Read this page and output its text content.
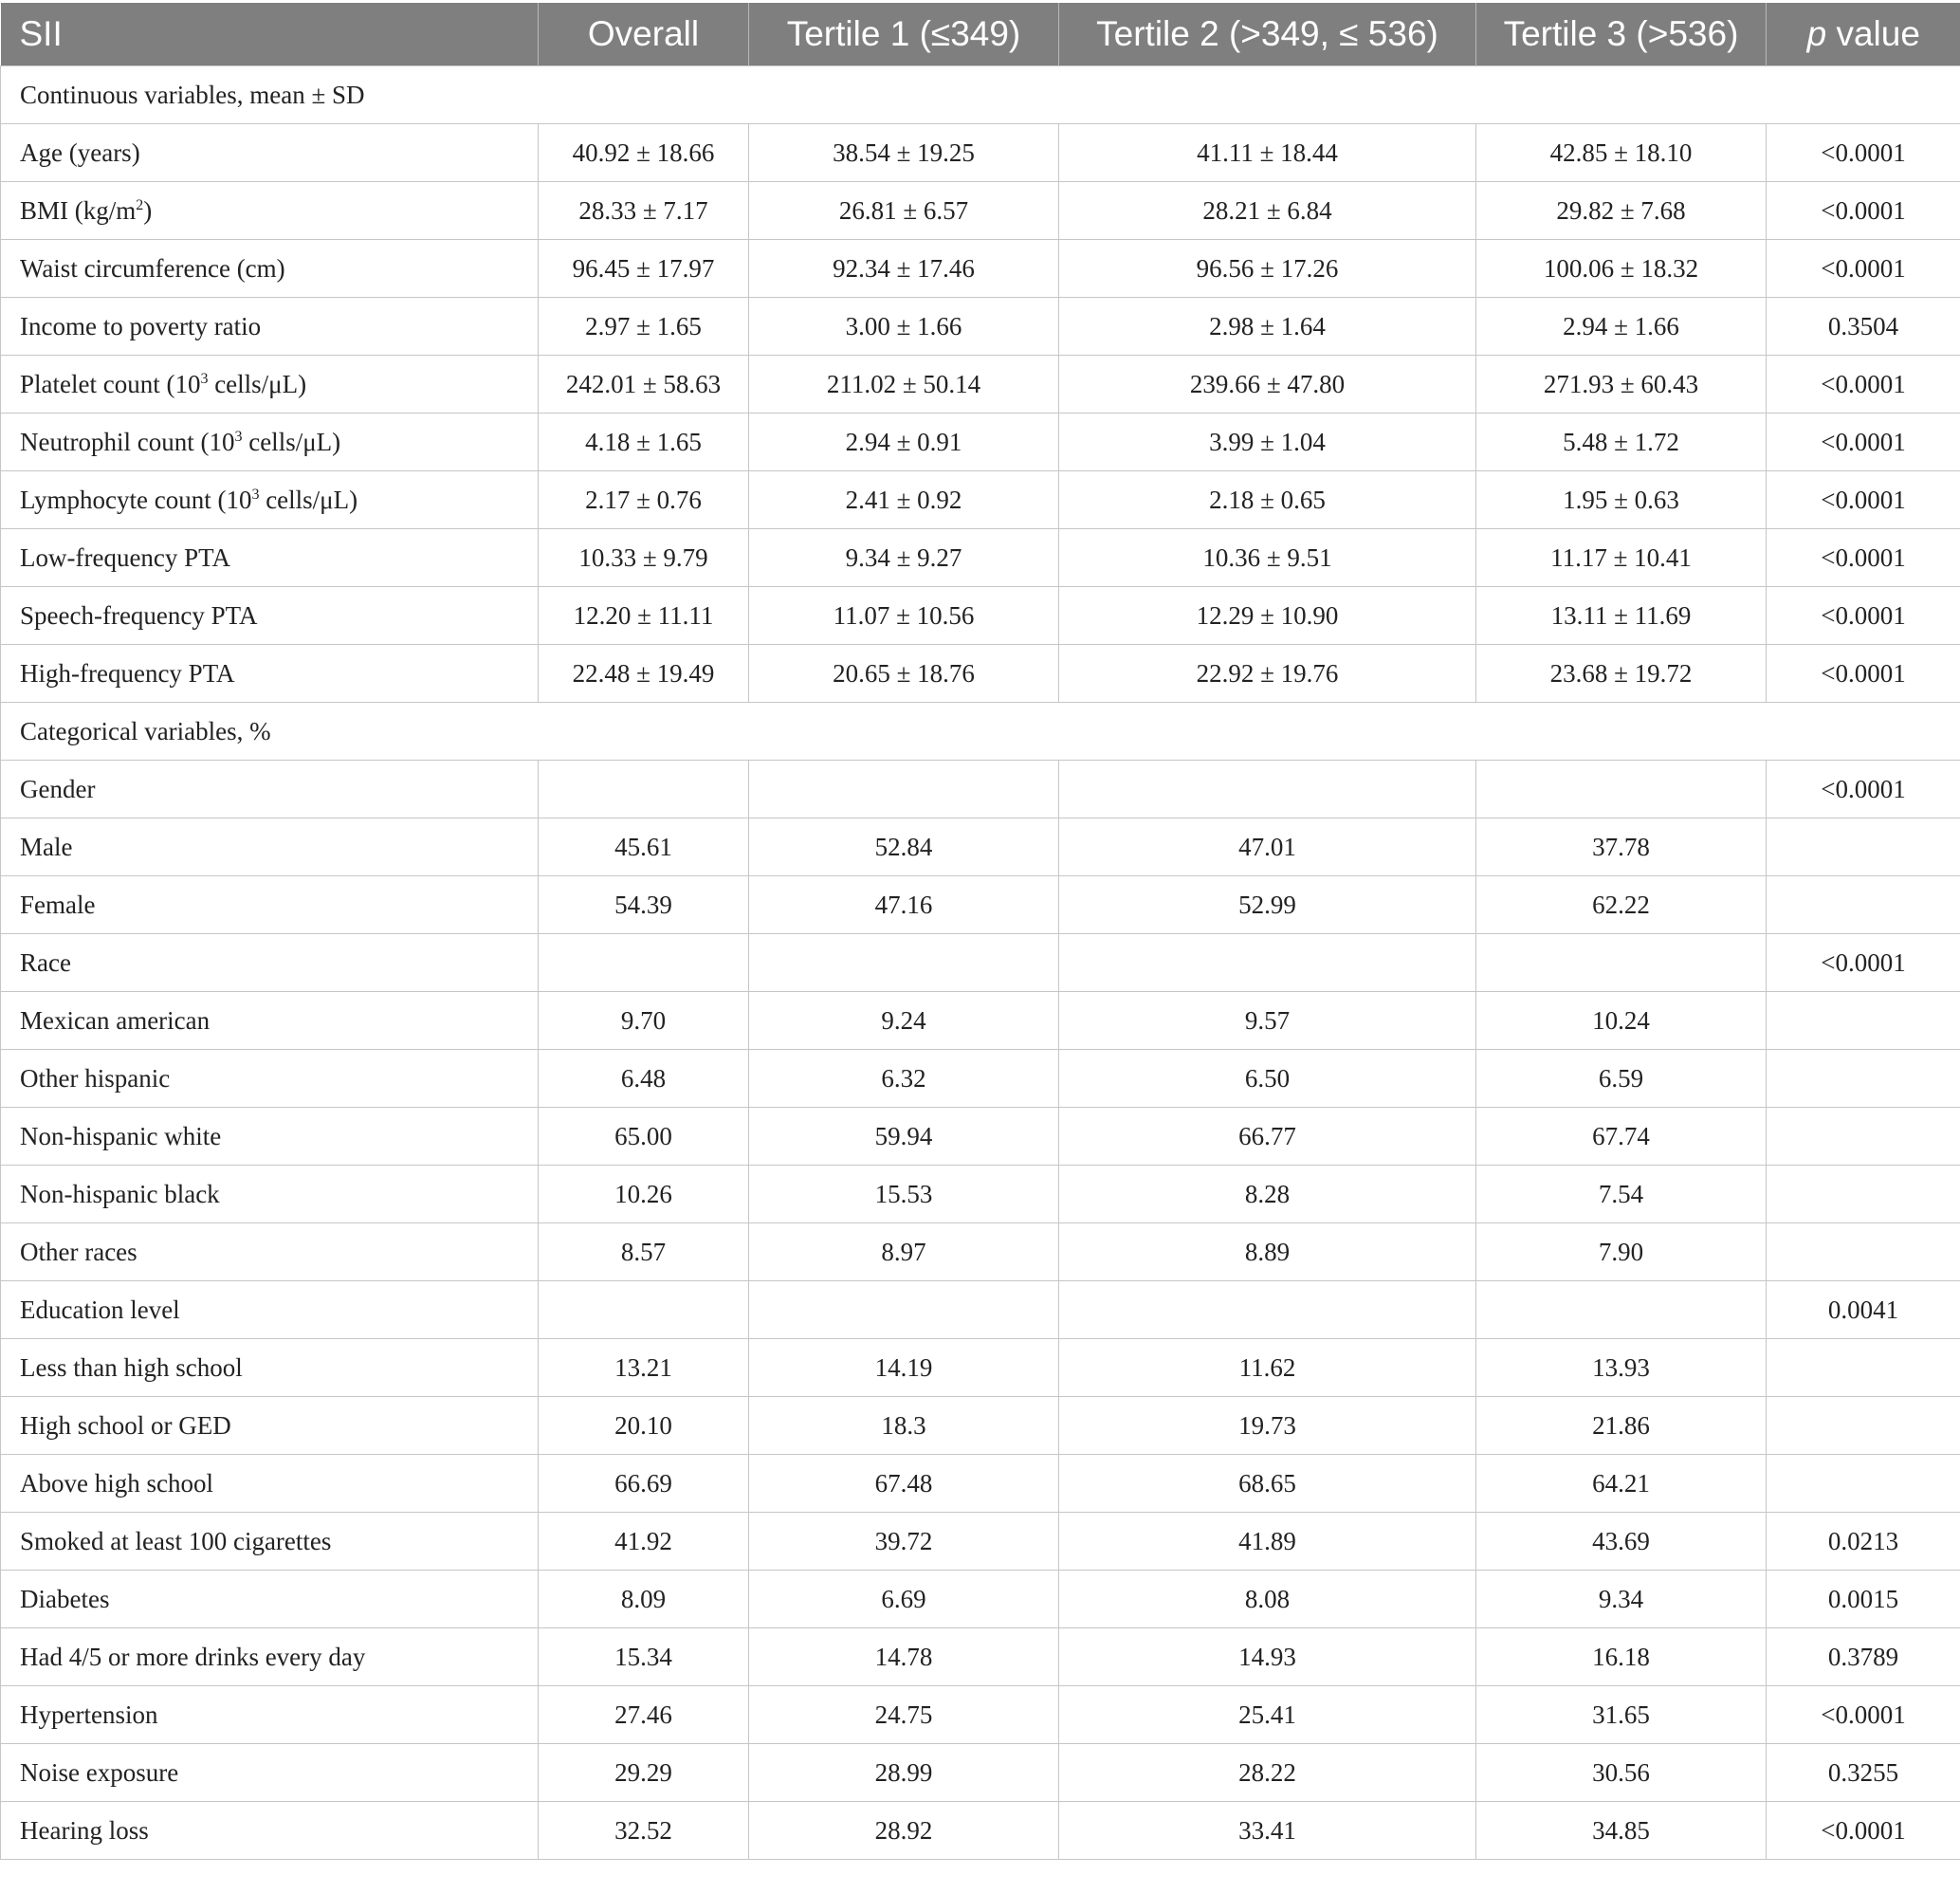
SII	Overall	Tertile 1 (≤349)	Tertile 2 (>349, ≤ 536)	Tertile 3 (>536)	p value
Continuous variables, mean ± SD					
Age (years)	40.92 ± 18.66	38.54 ± 19.25	41.11 ± 18.44	42.85 ± 18.10	<0.0001
BMI $(kg/m^2)$	28.33 ± 7.17	26.81 ± 6.57	28.21 ± 6.84	29.82 ± 7.68	<0.0001
Waist circumference (cm)	96.45 ± 17.97	92.34 ± 17.46	96.56 ± 17.26	100.06 ± 18.32	<0.0001
Income to poverty ratio	2.97 ± 1.65	3.00 ± 1.66	2.98 ± 1.64	2.94 ± 1.66	0.3504
Platelet count ($10^3$ cells/μL)	242.01 ± 58.63	211.02 ± 50.14	239.66 ± 47.80	271.93 ± 60.43	<0.0001
Neutrophil count ($10^3$ cells/μL)	4.18 ± 1.65	2.94 ± 0.91	3.99 ± 1.04	5.48 ± 1.72	<0.0001
Lymphocyte count ($10^3$ cells/μL)	2.17 ± 0.76	2.41 ± 0.92	2.18 ± 0.65	1.95 ± 0.63	<0.0001
Low-frequency PTA	10.33 ± 9.79	9.34 ± 9.27	10.36 ± 9.51	11.17 ± 10.41	<0.0001
Speech-frequency PTA	12.20 ± 11.11	11.07 ± 10.56	12.29 ± 10.90	13.11 ± 11.69	<0.0001
High-frequency PTA	22.48 ± 19.49	20.65 ± 18.76	22.92 ± 19.76	23.68 ± 19.72	<0.0001
Categorical variables, %					
Gender					<0.0001
Male	45.61	52.84	47.01	37.78	
Female	54.39	47.16	52.99	62.22	
Race					<0.0001
Mexican american	9.70	9.24	9.57	10.24	
Other hispanic	6.48	6.32	6.50	6.59	
Non-hispanic white	65.00	59.94	66.77	67.74	
Non-hispanic black	10.26	15.53	8.28	7.54	
Other races	8.57	8.97	8.89	7.90	
Education level					0.0041
Less than high school	13.21	14.19	11.62	13.93	
High school or GED	20.10	18.3	19.73	21.86	
Above high school	66.69	67.48	68.65	64.21	
Smoked at least 100 cigarettes	41.92	39.72	41.89	43.69	0.0213
Diabetes	8.09	6.69	8.08	9.34	0.0015
Had 4/5 or more drinks every day	15.34	14.78	14.93	16.18	0.3789
Hypertension	27.46	24.75	25.41	31.65	<0.0001
Noise exposure	29.29	28.99	28.22	30.56	0.3255
Hearing loss	32.52	28.92	33.41	34.85	<0.0001
